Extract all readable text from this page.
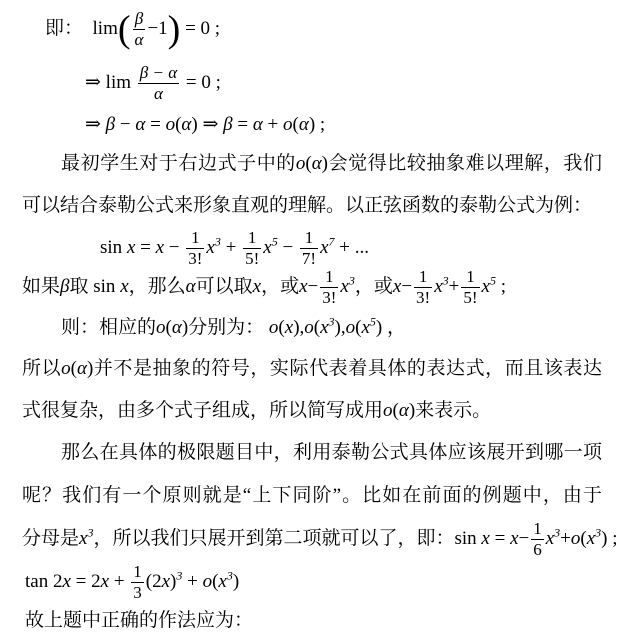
即：　$\lim( \frac{\beta}{\alpha} -1) = 0$ ;
⇒ $\lim \frac{\beta - \alpha}{\alpha} = 0$ ;
⇒ β − α = o(α) ⇒ β = α + o(α) ;
最初学生对于右边式子中的o(α)会觉得比较抽象难以理解，我们
可以结合泰勒公式来形象直观的理解。以正弦函数的泰勒公式为例：
$\sin x = x - \frac{1}{3!} x^3 + \frac{1}{5!} x^5 - \frac{1}{7!} x^7$ + ...
如果β取 sin x，那么α可以取x，或$x- \frac{1}{3!} x^3$，或$x- \frac{1}{3!} x^3+ \frac{1}{5!} x^5$ ;
则：相应的o(α)分别为： $o(x),o(x^3),o(x^5)$ ，
所以o(α)并不是抽象的符号，实际代表着具体的表达式，而且该表达
式很复杂，由多个式子组成，所以简写成用o(α)来表示。
那么在具体的极限题目中，利用泰勒公式具体应该展开到哪一项
呢？我们有一个原则就是“上下同阶”。比如在前面的例题中，由于
分母是$x^3$，所以我们只展开到第二项就可以了，即：$\sin x = x- \frac{1}{6} x^3+o(x^3)$ ;
$\tan 2x = 2x + \frac{1}{3} (2x)^3 + o(x^3)$
故上题中正确的作法应为：
